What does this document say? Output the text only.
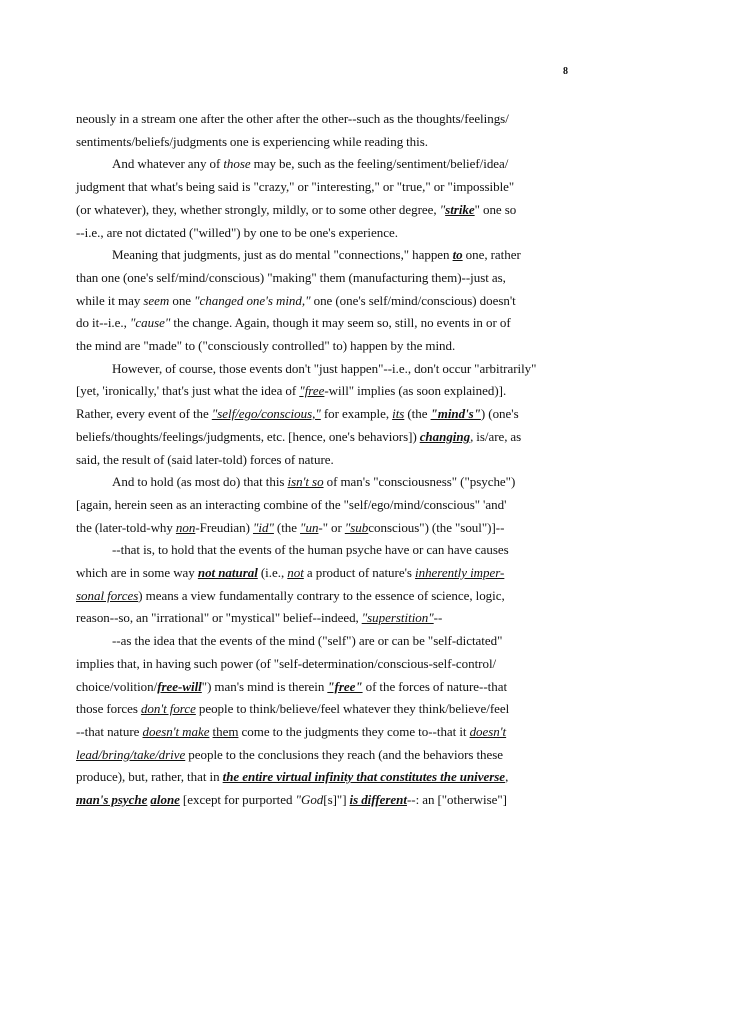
8
neously in a stream one after the other after the other--such as the thoughts/feelings/
sentiments/beliefs/judgments one is experiencing while reading this.
And whatever any of those may be, such as the feeling/sentiment/belief/idea/
judgment that what's being said is "crazy," or "interesting," or "true," or "impossible"
(or whatever), they, whether strongly, mildly, or to some other degree, "strike" one so
--i.e., are not dictated ("willed") by one to be one's experience.
Meaning that judgments, just as do mental "connections," happen to one, rather
than one (one's self/mind/conscious) "making" them (manufacturing them)--just as,
while it may seem one "changed one's mind," one (one's self/mind/conscious) doesn't
do it--i.e., "cause" the change. Again, though it may seem so, still, no events in or of
the mind are "made" to ("consciously controlled" to) happen by the mind.
However, of course, those events don't "just happen"--i.e., don't occur "arbitrarily"
[yet, 'ironically,' that's just what the idea of "free-will" implies (as soon explained)].
Rather, every event of the "self/ego/conscious," for example, its (the "mind's") (one's
beliefs/thoughts/feelings/judgments, etc. [hence, one's behaviors]) changing, is/are, as
said, the result of (said later-told) forces of nature.
And to hold (as most do) that this isn't so of man's "consciousness" ("psyche")
[again, herein seen as an interacting combine of the "self/ego/mind/conscious" 'and'
the (later-told-why non-Freudian) "id" (the "un-" or "subconscious") (the "soul")]--
--that is, to hold that the events of the human psyche have or can have causes
which are in some way not natural (i.e., not a product of nature's inherently imper-
sonal forces) means a view fundamentally contrary to the essence of science, logic,
reason--so, an "irrational" or "mystical" belief--indeed, "superstition"--
--as the idea that the events of the mind ("self") are or can be "self-dictated"
implies that, in having such power (of "self-determination/conscious-self-control/
choice/volition/free-will") man's mind is therein "free" of the forces of nature--that
those forces don't force people to think/believe/feel whatever they think/believe/feel
--that nature doesn't make them come to the judgments they come to--that it doesn't
lead/bring/take/drive people to the conclusions they reach (and the behaviors these
produce), but, rather, that in the entire virtual infinity that constitutes the universe,
man's psyche alone [except for purported "God[s]"] is different--: an ["otherwise"]
